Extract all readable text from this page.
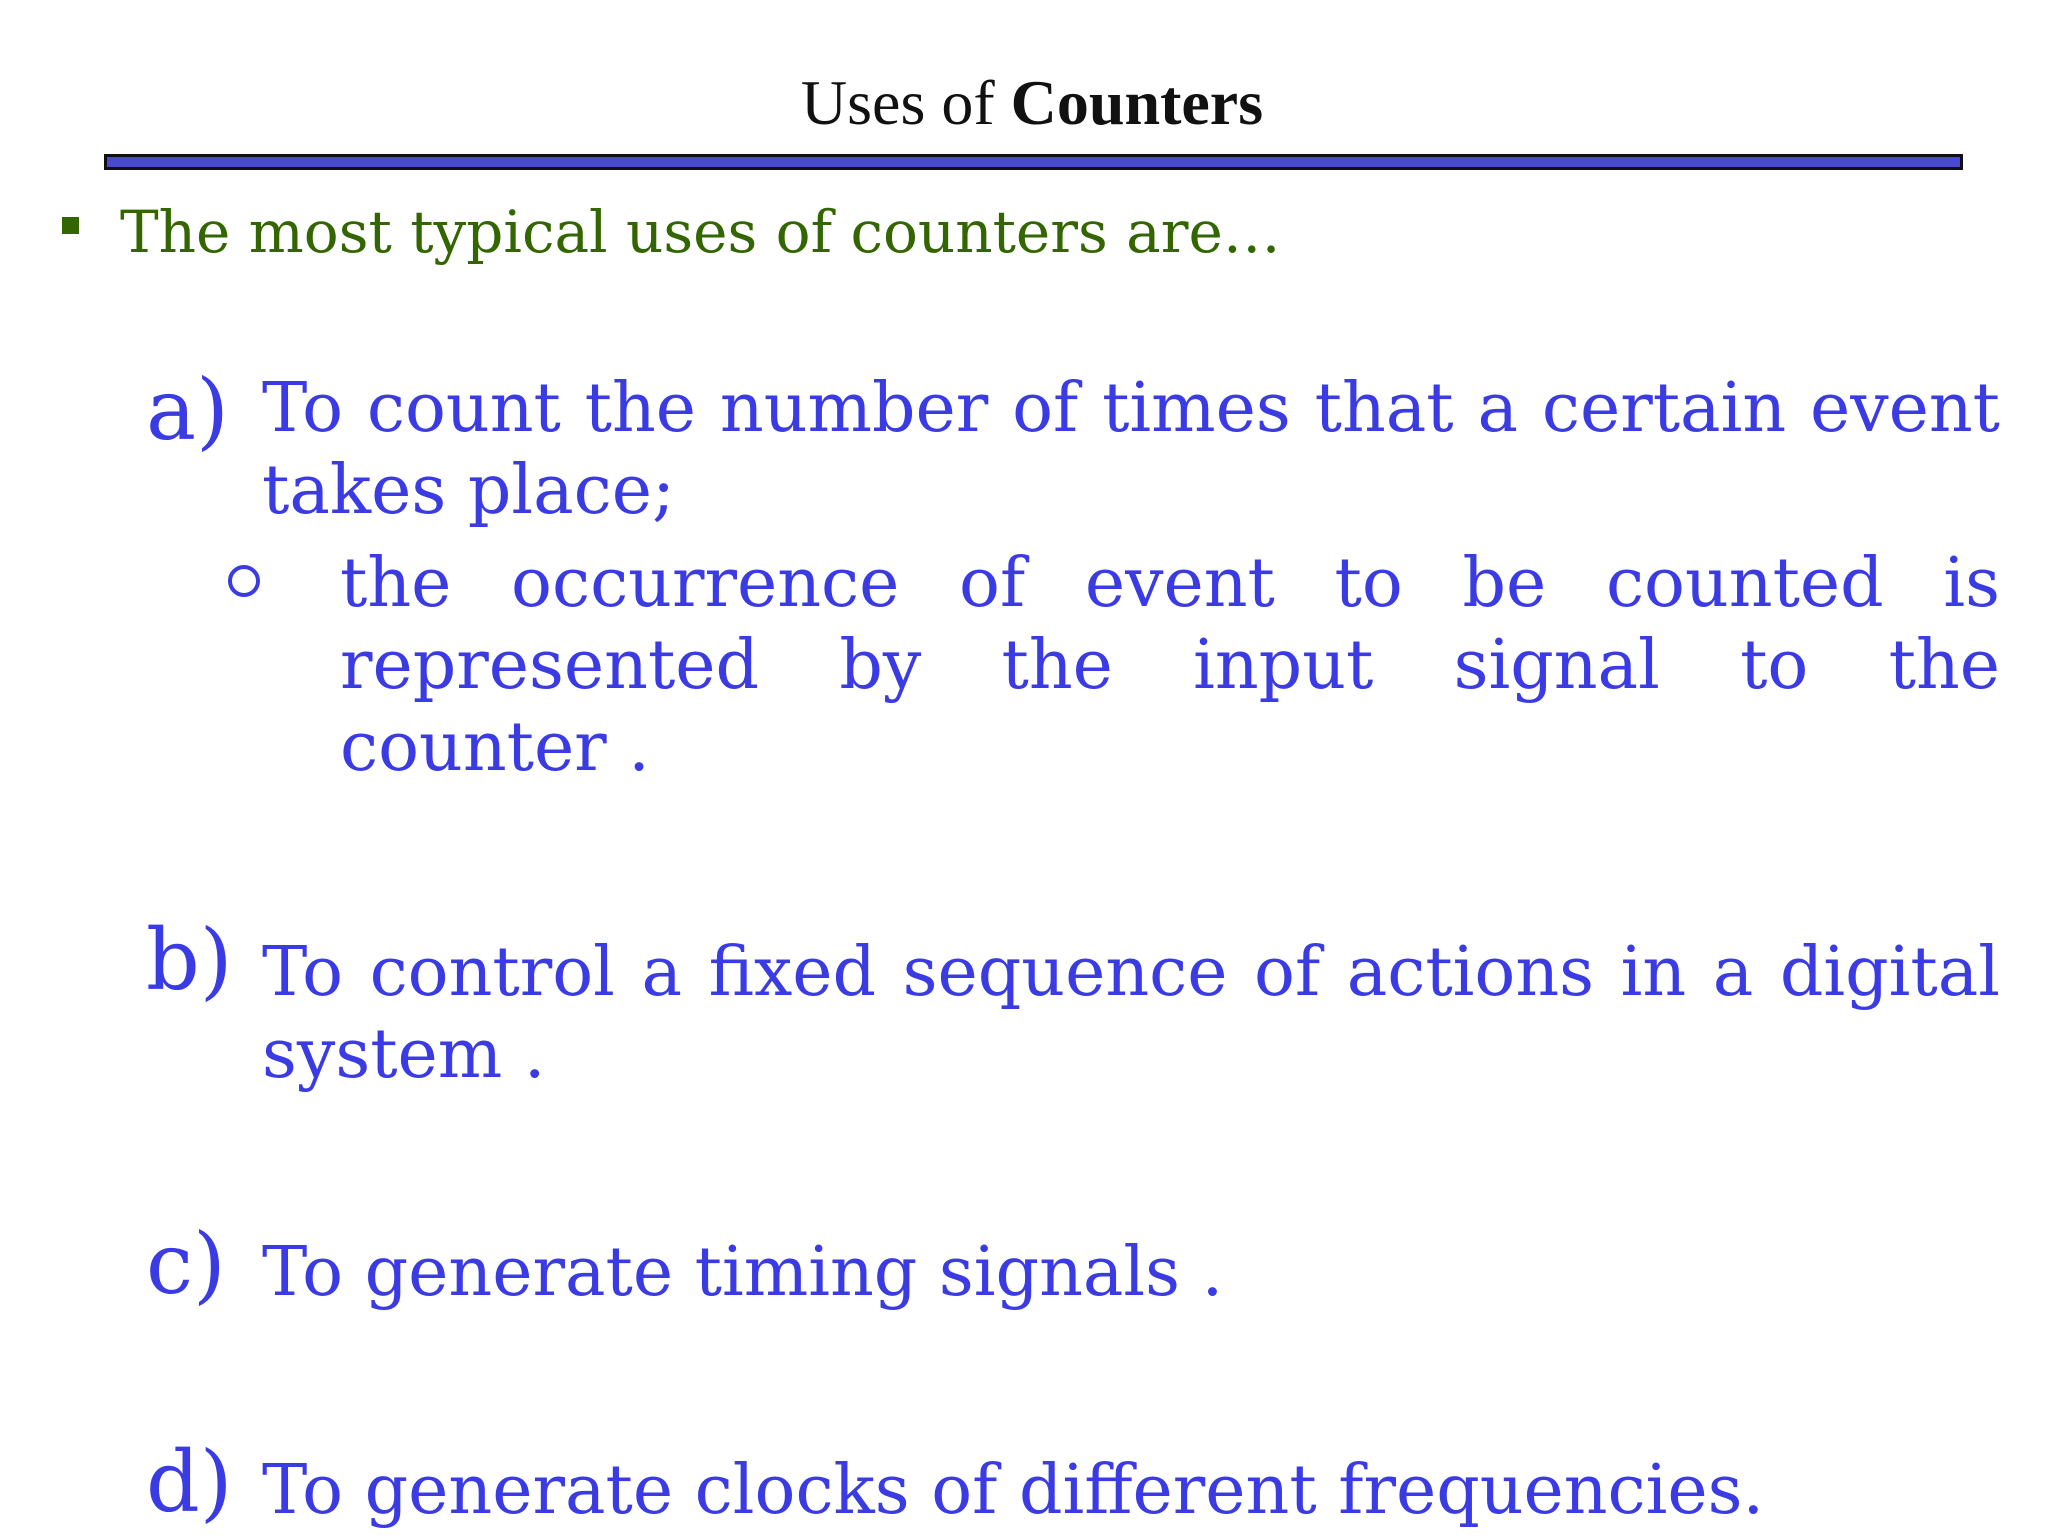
Uses of Counters
The most typical uses of counters are…
a) To count the number of times that a certain event takes place;
the occurrence of event to be counted is
represented by the input signal to the
counter .
b) To control a fixed sequence of actions in a digital system .
c) To generate timing signals .
d) To generate clocks of different frequencies.
